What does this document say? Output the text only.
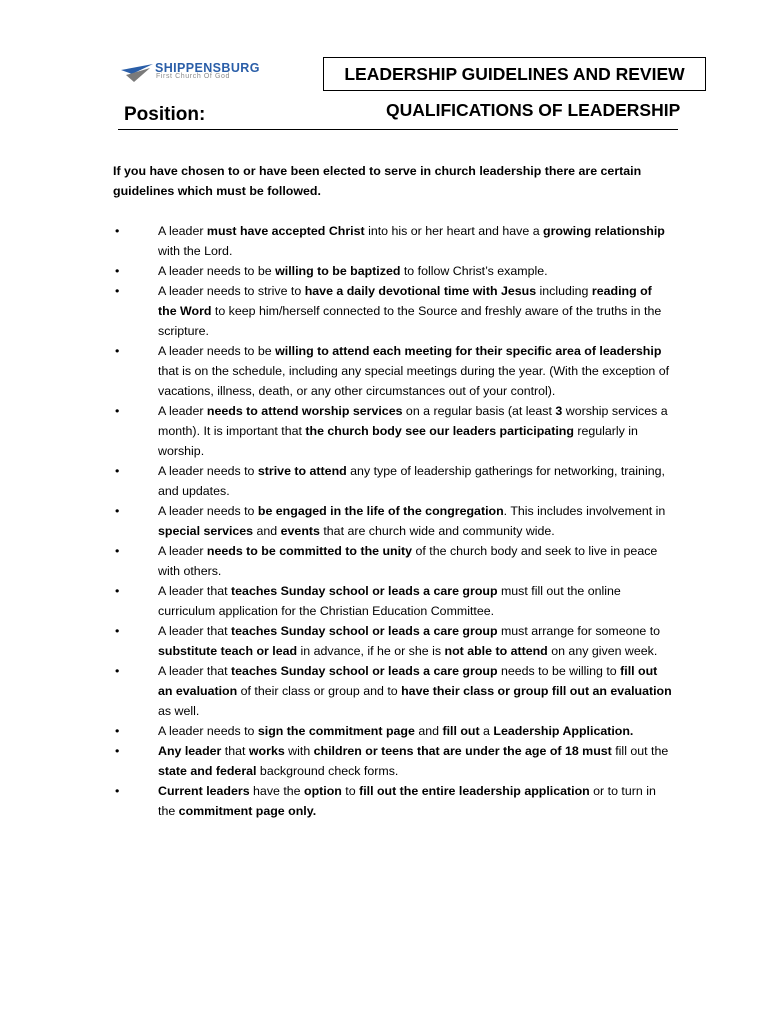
SHIPPENSBURG
First Church Of God	LEADERSHIP GUIDELINES AND REVIEW
Position:	QUALIFICATIONS OF LEADERSHIP
If you have chosen to or have been elected to serve in church leadership there are certain guidelines which must be followed.
•	A leader must have accepted Christ into his or her heart and have a growing relationship with the Lord.
•	A leader needs to be willing to be baptized to follow Christ’s example.
•	A leader needs to strive to have a daily devotional time with Jesus including reading of the Word to keep him/herself connected to the Source and freshly aware of the truths in the scripture.
•	A leader needs to be willing to attend each meeting for their specific area of leadership that is on the schedule, including any special meetings during the year. (With the exception of vacations, illness, death, or any other circumstances out of your control).
•	A leader needs to attend worship services on a regular basis (at least 3 worship services a month). It is important that the church body see our leaders participating regularly in worship.
•	A leader needs to strive to attend any type of leadership gatherings for networking, training, and updates.
•	A leader needs to be engaged in the life of the congregation. This includes involvement in special services and events that are church wide and community wide.
•	A leader needs to be committed to the unity of the church body and seek to live in peace with others.
•	A leader that teaches Sunday school or leads a care group must fill out the online curriculum application for the Christian Education Committee.
•	A leader that teaches Sunday school or leads a care group must arrange for someone to substitute teach or lead in advance, if he or she is not able to attend on any given week.
•	A leader that teaches Sunday school or leads a care group needs to be willing to fill out an evaluation of their class or group and to have their class or group fill out an evaluation as well.
•	A leader needs to sign the commitment page and fill out a Leadership Application.
•	Any leader that works with children or teens that are under the age of 18 must fill out the state and federal background check forms.
•	Current leaders have the option to fill out the entire leadership application or to turn in the commitment page only.
